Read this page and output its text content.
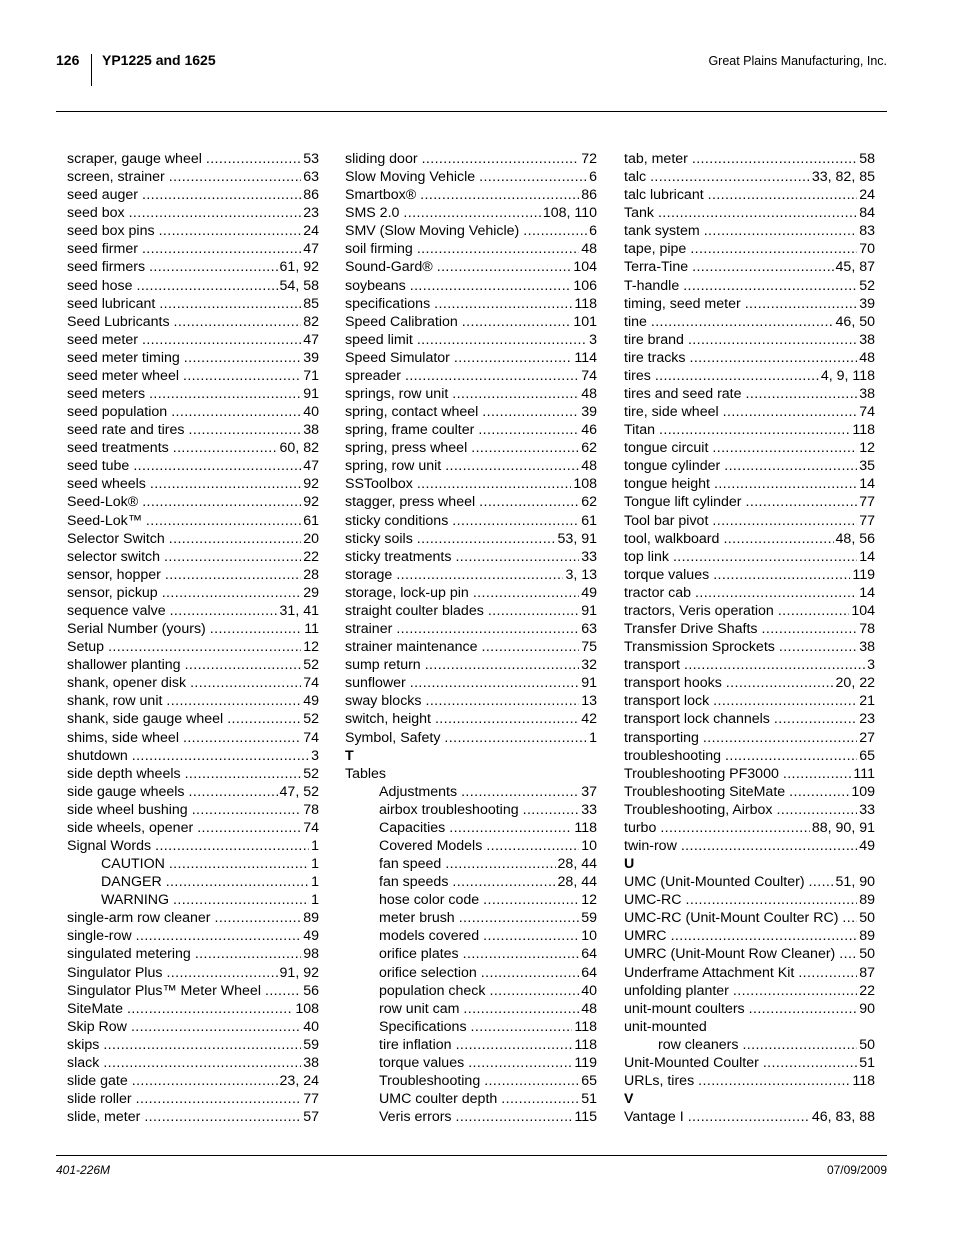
126 YP1225 and 1625	Great Plains Manufacturing, Inc.
scraper, gauge wheel .....	53
screen, strainer .....	63
seed auger .....	86
seed box .....	23
seed box pins .....	24
seed firmer .....	47
seed firmers .....	61, 92
seed hose .....	54, 58
seed lubricant .....	85
Seed Lubricants .....	82
seed meter .....	47
seed meter timing .....	39
seed meter wheel .....	71
seed meters .....	91
seed population .....	40
seed rate and tires .....	38
seed treatments .....	60, 82
seed tube .....	47
seed wheels .....	92
Seed-Lok® .....	92
Seed-Lok™ .....	61
Selector Switch .....	20
selector switch .....	22
sensor, hopper .....	28
sensor, pickup .....	29
sequence valve .....	31, 41
Serial Number (yours) .....	11
Setup .....	12
shallower planting .....	52
shank, opener disk .....	74
shank, row unit .....	49
shank, side gauge wheel .....	52
shims, side wheel .....	74
shutdown .....	3
side depth wheels .....	52
side gauge wheels .....	47, 52
side wheel bushing .....	78
side wheels, opener .....	74
Signal Words .....	1
CAUTION .....	1
DANGER .....	1
WARNING .....	1
single-arm row cleaner .....	89
single-row .....	49
singulated metering .....	98
Singulator Plus .....	91, 92
Singulator Plus™ Meter Wheel .....	56
SiteMate .....	108
Skip Row .....	40
skips .....	59
slack .....	38
slide gate .....	23, 24
slide roller .....	77
slide, meter .....	57
sliding door .....	72
Slow Moving Vehicle .....	6
Smartbox® .....	86
SMS 2.0 .....	108, 110
SMV (Slow Moving Vehicle) .....	6
soil firming .....	48
Sound-Gard® .....	104
soybeans .....	106
specifications .....	118
Speed Calibration .....	101
speed limit .....	3
Speed Simulator .....	114
spreader .....	74
springs, row unit .....	48
spring, contact wheel .....	39
spring, frame coulter .....	46
spring, press wheel .....	62
spring, row unit .....	48
SSToolbox .....	108
stagger, press wheel .....	62
sticky conditions .....	61
sticky soils .....	53, 91
sticky treatments .....	33
storage .....	3, 13
storage, lock-up pin .....	49
straight coulter blades .....	91
strainer .....	63
strainer maintenance .....	75
sump return .....	32
sunflower .....	91
sway blocks .....	13
switch, height .....	42
Symbol, Safety .....	1
T
Tables
Adjustments .....	37
airbox troubleshooting .....	33
Capacities .....	118
Covered Models .....	10
fan speed .....	28, 44
fan speeds .....	28, 44
hose color code .....	12
meter brush .....	59
models covered .....	10
orifice plates .....	64
orifice selection .....	64
population check .....	40
row unit cam .....	48
Specifications .....	118
tire inflation .....	118
torque values .....	119
Troubleshooting .....	65
UMC coulter depth .....	51
Veris errors .....	115
tab, meter .....	58
talc .....	33, 82, 85
talc lubricant .....	24
Tank .....	84
tank system .....	83
tape, pipe .....	70
Terra-Tine .....	45, 87
T-handle .....	52
timing, seed meter .....	39
tine .....	46, 50
tire brand .....	38
tire tracks .....	48
tires .....	4, 9, 118
tires and seed rate .....	38
tire, side wheel .....	74
Titan .....	118
tongue circuit .....	12
tongue cylinder .....	35
tongue height .....	14
Tongue lift cylinder .....	77
Tool bar pivot .....	77
tool, walkboard .....	48, 56
top link .....	14
torque values .....	119
tractor cab .....	14
tractors, Veris operation .....	104
Transfer Drive Shafts .....	78
Transmission Sprockets .....	38
transport .....	3
transport hooks .....	20, 22
transport lock .....	21
transport lock channels .....	23
transporting .....	27
troubleshooting .....	65
Troubleshooting PF3000 .....	111
Troubleshooting SiteMate .....	109
Troubleshooting, Airbox .....	33
turbo .....	88, 90, 91
twin-row .....	49
U
UMC (Unit-Mounted Coulter) ..... 51, 90
UMC-RC .....	89
UMC-RC (Unit-Mount Coulter RC) ..... 50
UMRC .....	89
UMRC (Unit-Mount Row Cleaner) ..... 50
Underframe Attachment Kit .....	87
unfolding planter .....	22
unit-mount coulters .....	90
unit-mounted
row cleaners .....	50
Unit-Mounted Coulter .....	51
URLs, tires .....	118
V
Vantage I .....	46, 83, 88
401-226M	07/09/2009
